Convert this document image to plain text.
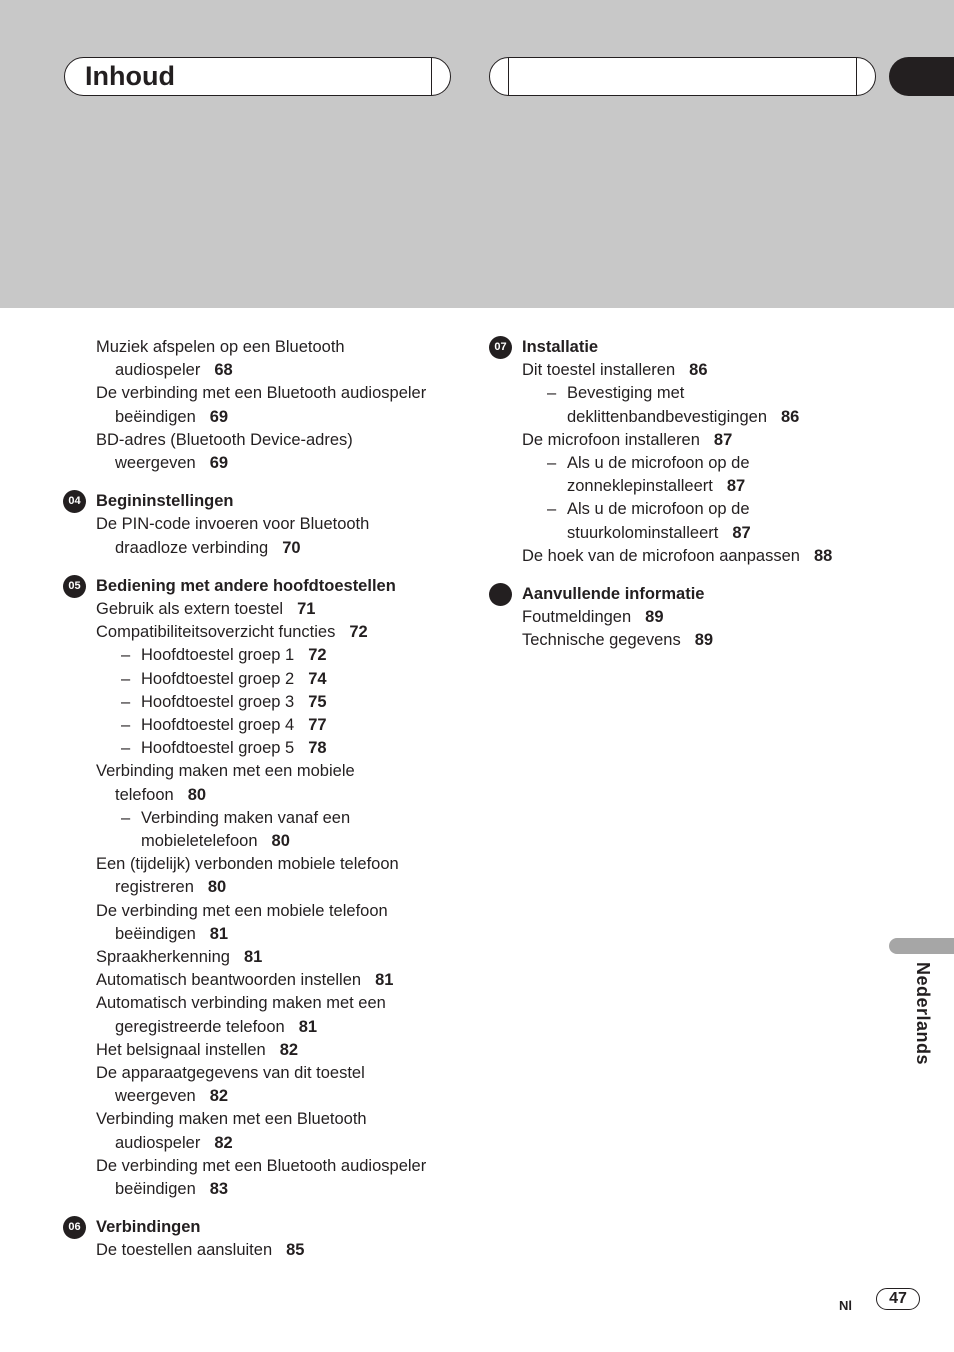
Inhoud
Muziek afspelen op een Bluetooth
audiospeler 68
De verbinding met een Bluetooth audiospeler
beëindigen 69
BD-adres (Bluetooth Device-adres)
weergeven 69
04 Begininstellingen
De PIN-code invoeren voor Bluetooth
draadloze verbinding 70
05 Bediening met andere hoofdtoestellen
Gebruik als extern toestel 71
Compatibiliteitsoverzicht functies 72
– Hoofdtoestel groep 1 72
– Hoofdtoestel groep 2 74
– Hoofdtoestel groep 3 75
– Hoofdtoestel groep 4 77
– Hoofdtoestel groep 5 78
Verbinding maken met een mobiele
telefoon 80
– Verbinding maken vanaf een mobieletelefoon 80
Een (tijdelijk) verbonden mobiele telefoon
registreren 80
De verbinding met een mobiele telefoon
beëindigen 81
Spraakherkenning 81
Automatisch beantwoorden instellen 81
Automatisch verbinding maken met een
geregistreerde telefoon 81
Het belsignaal instellen 82
De apparaatgegevens van dit toestel
weergeven 82
Verbinding maken met een Bluetooth
audiospeler 82
De verbinding met een Bluetooth audiospeler
beëindigen 83
06 Verbindingen
De toestellen aansluiten 85
07 Installatie
Dit toestel installeren 86
– Bevestiging met deklittenbandbevestigingen 86
De microfoon installeren 87
– Als u de microfoon op de zonneklepinstalleert 87
– Als u de microfoon op de stuurkolominstalleert 87
De hoek van de microfoon aanpassen 88
Aanvullende informatie
Foutmeldingen 89
Technische gegevens 89
Nederlands
Nl	47
